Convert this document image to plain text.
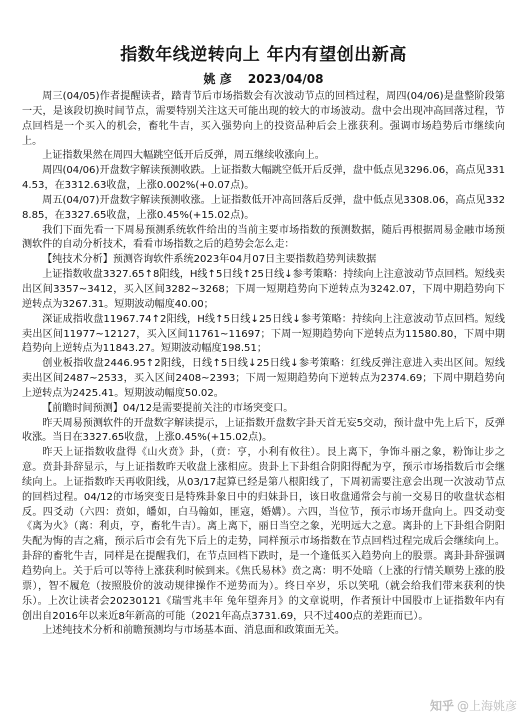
指数年线逆转向上 年内有望创出新高
姚 彦 2023/04/08

周三(04/05)作者提醒读者，踏青节后市场指数会有次波动节点的回档过程，周四(04/06)是盘整阶段第一天，是该段切换时间节点，需要特别关注这天可能出现的较大的市场波动。盘中会出现冲高回落过程，节点回档是一个买入的机会，畜牝牛吉，买入强势向上的投资品种后会上涨获利。强调市场趋势后市继续向上。

上证指数果然在周四大幅跳空低开后反弹，周五继续收涨向上。

周四(04/06)开盘数字解读预测收跌。上证指数大幅跳空低开后反弹，盘中低点见3296.06，高点见3314.53，在3312.63收盘，上涨0.002%(+0.07点)。

周五(04/07)开盘数字解读预测收涨。上证指数低开冲高回落后反弹，盘中低点见3308.06，高点见3328.85，在3327.65收盘，上涨0.45%(+15.02点)。

我们下面先看一下周易预测系统软件给出的当前主要市场指数的预测数据，随后再根据周易金融市场预测软件的自动分析技术，看看市场指数之后的趋势会怎么走：

【纯技术分析】预测咨询软件系统2023年04月07日主要指数趋势判读数据

上证指数收盘3327.65↑8阳线，H线↑5日线↑25日线↓参考策略：持续向上注意波动节点回档。短线卖出区间3357~3412，买入区间3282~3268；下周一短期趋势向下逆转点为3242.07，下周中期趋势向下逆转点为3267.31。短期波动幅度40.00；

深证成指收盘11967.74↑2阳线，H线↑5日线↓25日线↓参考策略：持续向上注意波动节点回档。短线卖出区间11977~12127，买入区间11761~11697；下周一短期趋势向下逆转点为11580.80，下周中期趋势向上逆转点为11843.27。短期波动幅度198.51；

创业板指收盘2446.95↑2阳线，日线↑5日线↓25日线↓参考策略：红线反弹注意进入卖出区间。短线卖出区间2487~2533，买入区间2408~2393；下周一短期趋势向下逆转点为2374.69；下周中期趋势向上逆转点为2425.41。短期波动幅度50.02。

【前瞻时间预测】04/12是需要提前关注的市场突变口。

昨天周易预测软件的开盘数字解读提示，上证指数开盘数字卦天首无妄5交动，预计盘中先上后下，反弹收涨。当日在3327.65收盘，上涨0.45%(+15.02点)。

昨天上证指数收盘得《山火贲》卦，（贲：亨，小利有攸往）。艮上离下，争饰斗丽之象，粉饰让步之意。贲卦卦辞显示，与上证指数昨天收盘上涨相应。贵卦上下卦组合阴阳得配为亨，预示市场指数后市会继续向上。上证指数昨天再收阳线，从03/17起算已经是第八根阳线了，下周初需要注意会出现一次波动节点的回档过程。04/12的市场突变日是特殊卦象日中的归妹卦日，该日收盘通常会与前一交易日的收盘状态相反。四爻动（六四：贲如，皤如，白马翰如，匪寇，婚媾）。六四，当位节，预示市场开盘向上。四爻动变《离为火》（离：利贞，亨，畜牝牛吉）。离上离下，丽日当空之象，光明远大之意。离卦的上下卦组合阴阳失配为悔的吉之痛，预示后市会有先下后上的走势，同样预示市场指数在节点回档过程完成后会继续向上。卦辞的畜牝牛吉，同样是在提醒我们，在节点回档下跌时，是一个逢低买入趋势向上的股票。离卦卦辞强调趋势向上。关于后可以等待上涨获利时候到来。《焦氏易林》贲之离：明不处暗（上涨的行情关顺势上涨的股票），智不履危（按照股价的波动规律操作不逆势而为）。终日卒岁，乐以笑吼（就会给我们带来获利的快乐）。上次让读者会20230121《瑞雪兆丰年 兔年望奔月》的文章说明，作者预计中国股市上证指数年内有创出自2016年以来近8年新高的可能（2021年高点3731.69，只不过400点的差距而已）。

上述纯技术分析和前瞻预测均与市场基本面、消息面和政策面无关。

知乎 @上海姚彦
